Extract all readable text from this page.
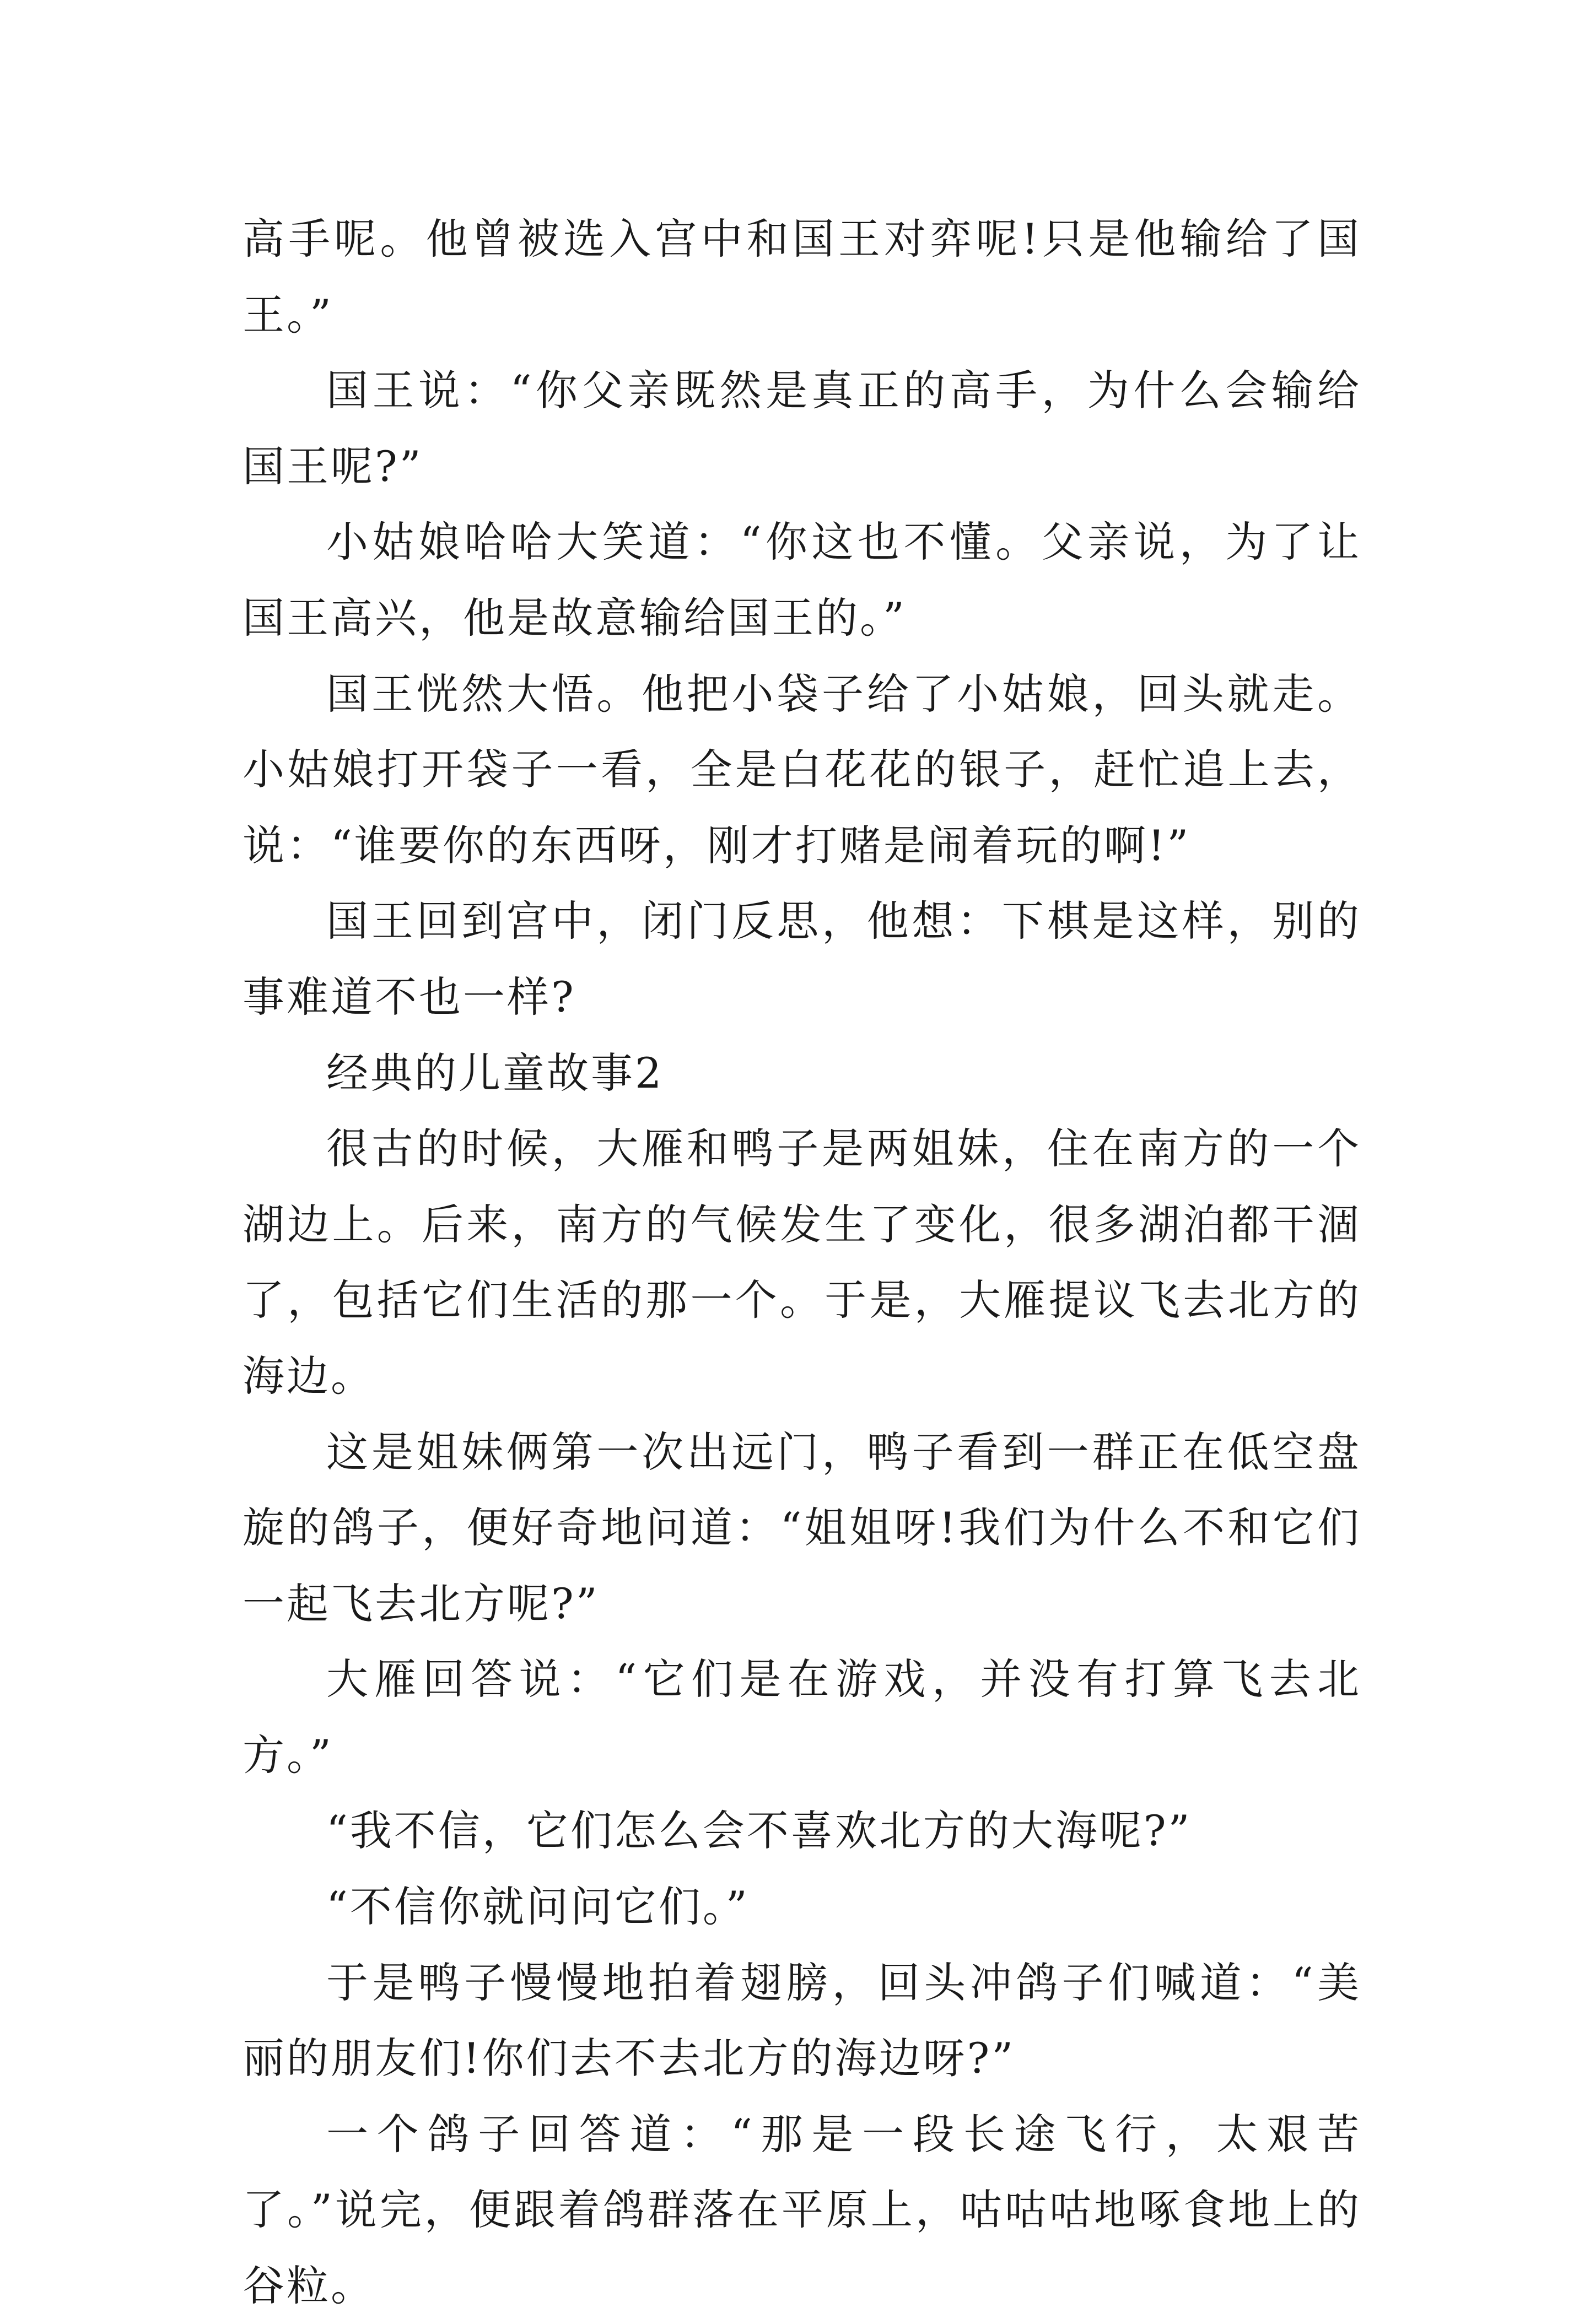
高手呢。他曾被选入宫中和国王对弈呢!只是他输给了国王。”

国王说：“你父亲既然是真正的高手，为什么会输给国王呢?”

小姑娘哈哈大笑道：“你这也不懂。父亲说，为了让国王高兴，他是故意输给国王的。”

国王恍然大悟。他把小袋子给了小姑娘，回头就走。小姑娘打开袋子一看，全是白花花的银子，赶忙追上去，说：“谁要你的东西呀，刚才打赌是闹着玩的啊!”

国王回到宫中，闭门反思，他想：下棋是这样，别的事难道不也一样?

经典的儿童故事2

很古的时候，大雁和鸭子是两姐妹，住在南方的一个湖边上。后来，南方的气候发生了变化，很多湖泊都干涸了，包括它们生活的那一个。于是，大雁提议飞去北方的海边。

这是姐妹俩第一次出远门，鸭子看到一群正在低空盘旋的鸽子，便好奇地问道：“姐姐呀!我们为什么不和它们一起飞去北方呢?”

大雁回答说：“它们是在游戏，并没有打算飞去北方。”

“我不信，它们怎么会不喜欢北方的大海呢?”

“不信你就问问它们。”

于是鸭子慢慢地拍着翅膀，回头冲鸽子们喊道：“美丽的朋友们!你们去不去北方的海边呀?”

一个鸽子回答道：“那是一段长途飞行，太艰苦了。”说完，便跟着鸽群落在平原上，咕咕咕地啄食地上的谷粒。
